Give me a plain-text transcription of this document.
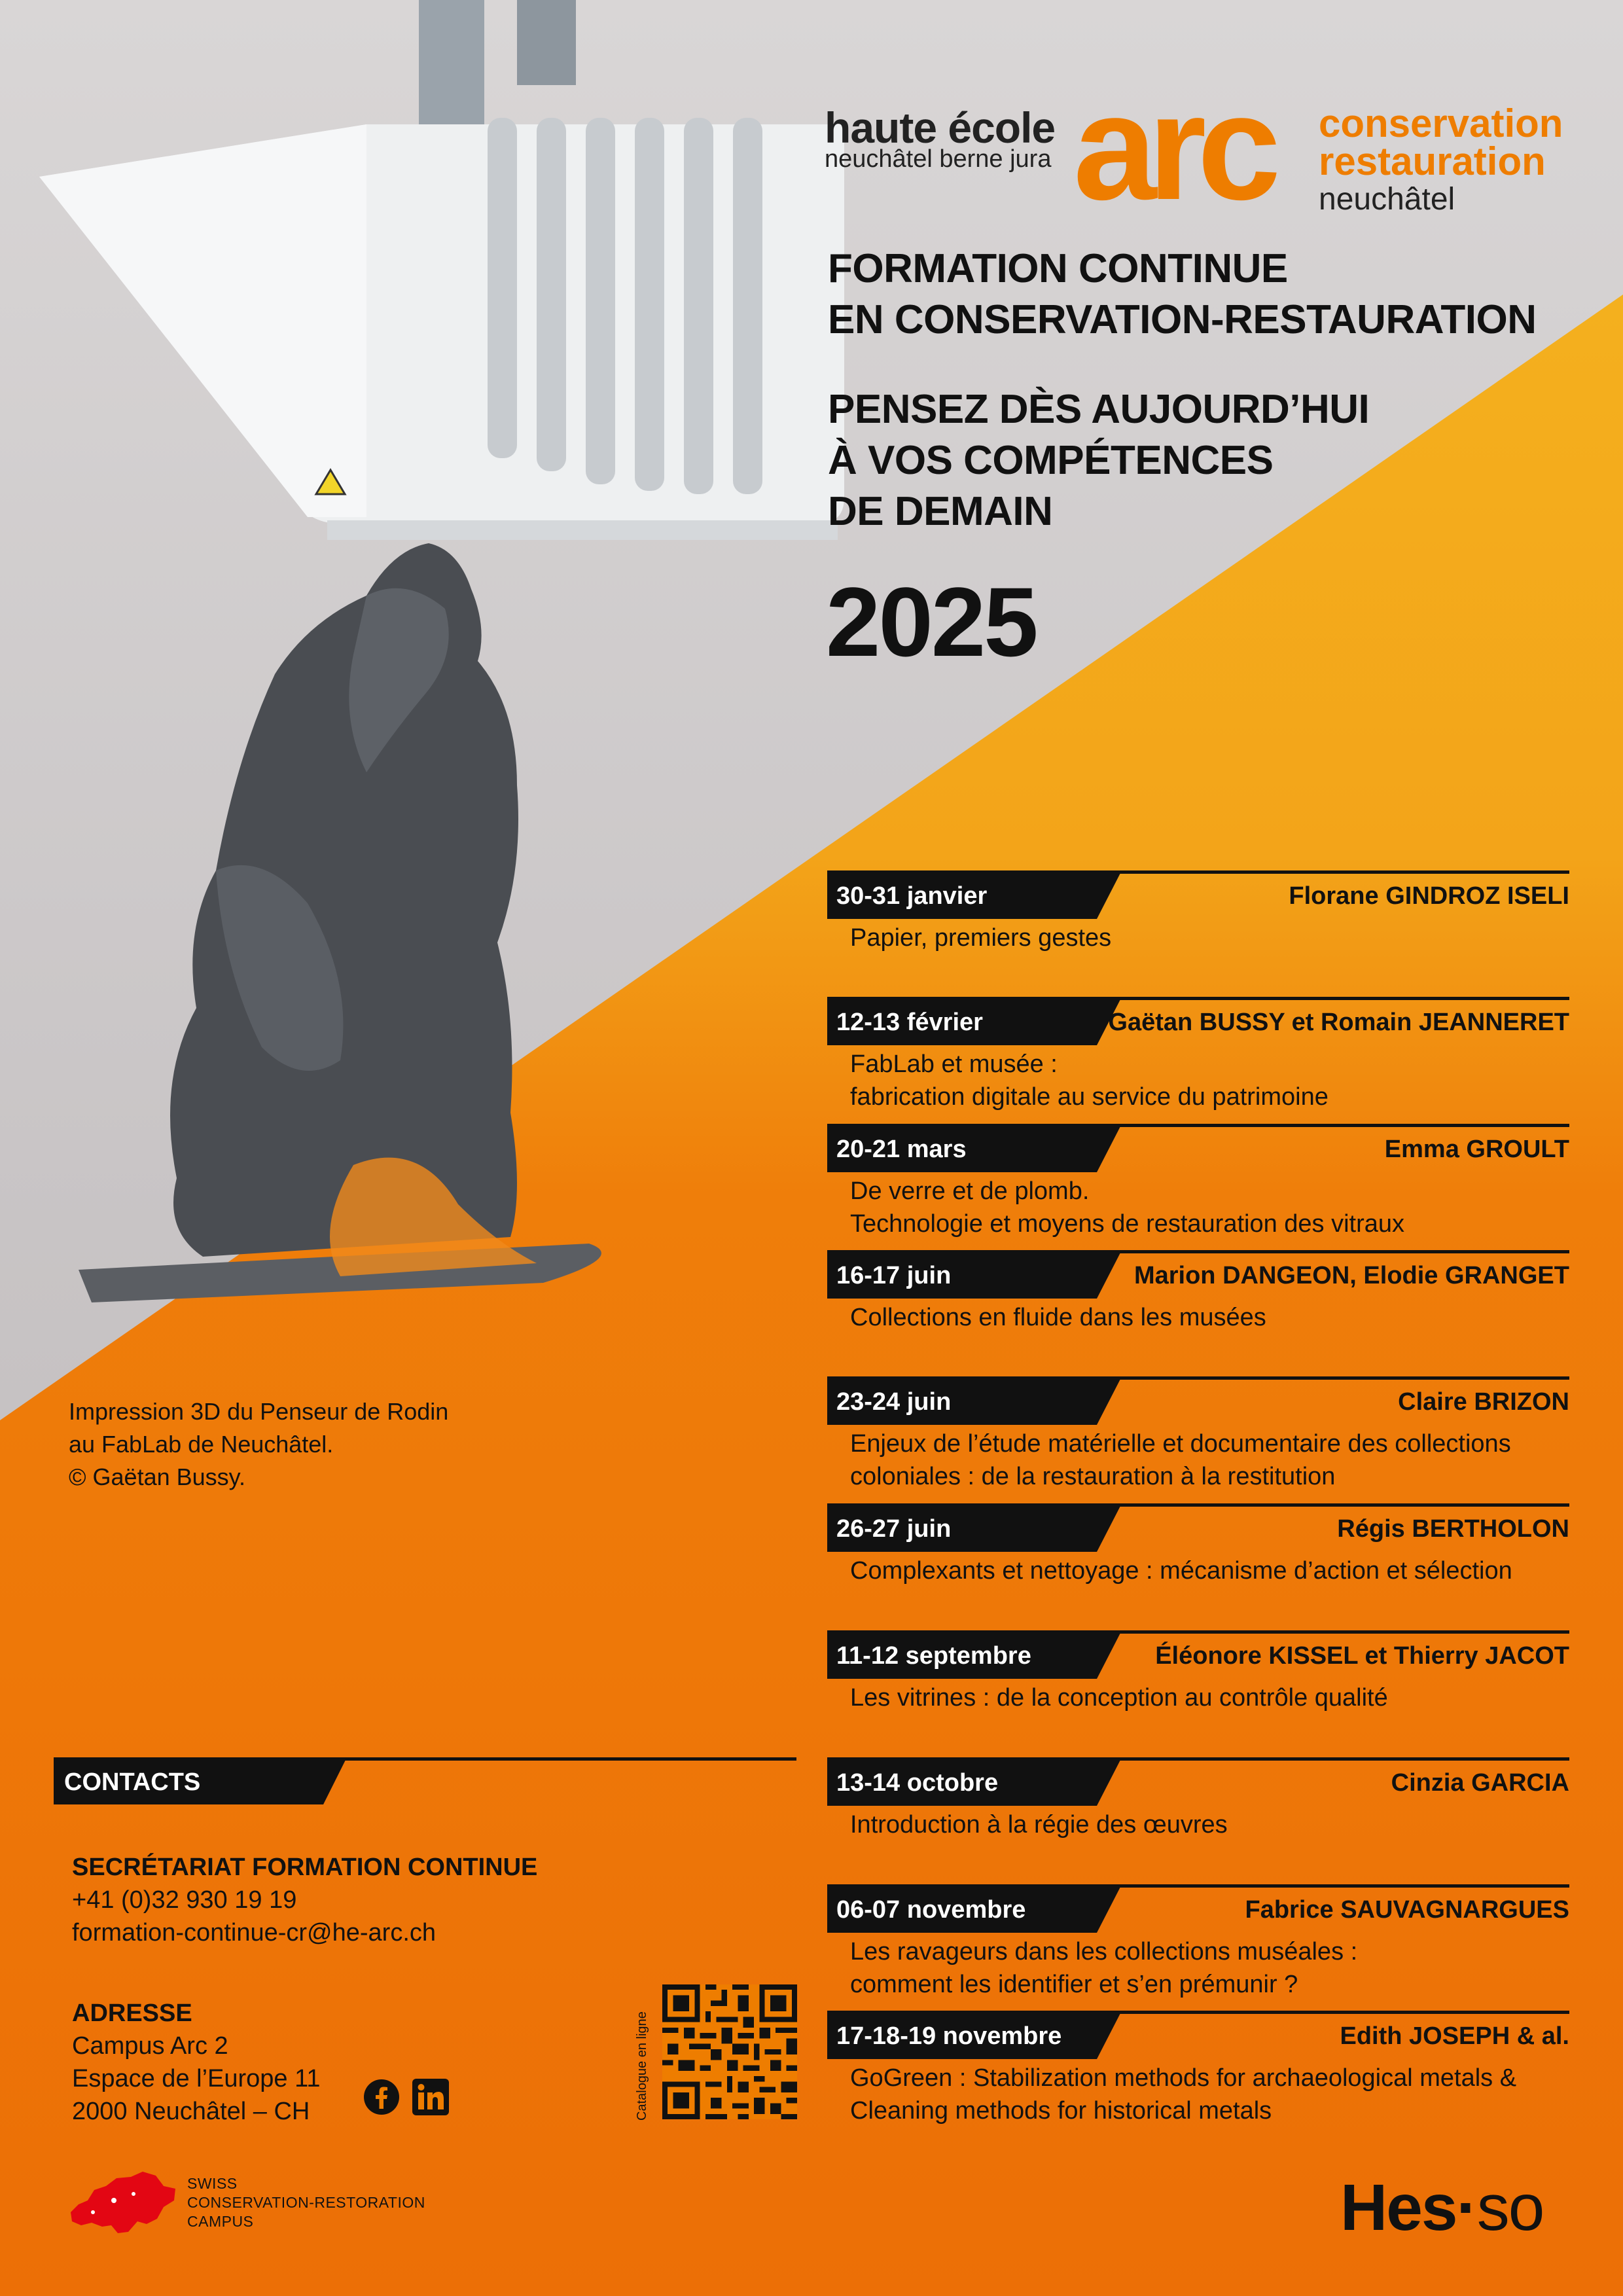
haute école
neuchâtel berne jura arc conservation
restauration
neuchâtel
FORMATION CONTINUE
EN CONSERVATION-RESTAURATION
PENSEZ DÈS AUJOURD’HUI
À VOS COMPÉTENCES
DE DEMAIN
2025
30-31 janvier	Florane GINDROZ ISELI
Papier, premiers gestes
12-13 février	Gaëtan BUSSY et Romain JEANNERET
FabLab et musée :
fabrication digitale au service du patrimoine
20-21 mars	Emma GROULT
De verre et de plomb.
Technologie et moyens de restauration des vitraux
16-17 juin	Marion DANGEON, Elodie GRANGET
Collections en fluide dans les musées
23-24 juin	Claire BRIZON
Enjeux de l’étude matérielle et documentaire des collections
coloniales : de la restauration à la restitution
26-27 juin	Régis BERTHOLON
Complexants et nettoyage : mécanisme d’action et sélection
11-12 septembre	Éléonore KISSEL et Thierry JACOT
Les vitrines : de la conception au contrôle qualité
13-14 octobre	Cinzia GARCIA
Introduction à la régie des œuvres
06-07 novembre	Fabrice SAUVAGNARGUES
Les ravageurs dans les collections muséales :
comment les identifier et s’en prémunir ?
17-18-19 novembre	Edith JOSEPH & al.
GoGreen : Stabilization methods for archaeological metals &
Cleaning methods for historical metals
Impression 3D du Penseur de Rodin
au FabLab de Neuchâtel.
© Gaëtan Bussy.
CONTACTS
SECRÉTARIAT FORMATION CONTINUE
+41 (0)32 930 19 19
formation-continue-cr@he-arc.ch
ADRESSE
Campus Arc 2
Espace de l’Europe 11
2000 Neuchâtel – CH	Catalogue en ligne
SWISS
CONSERVATION-RESTORATION
CAMPUS	Hes·so
